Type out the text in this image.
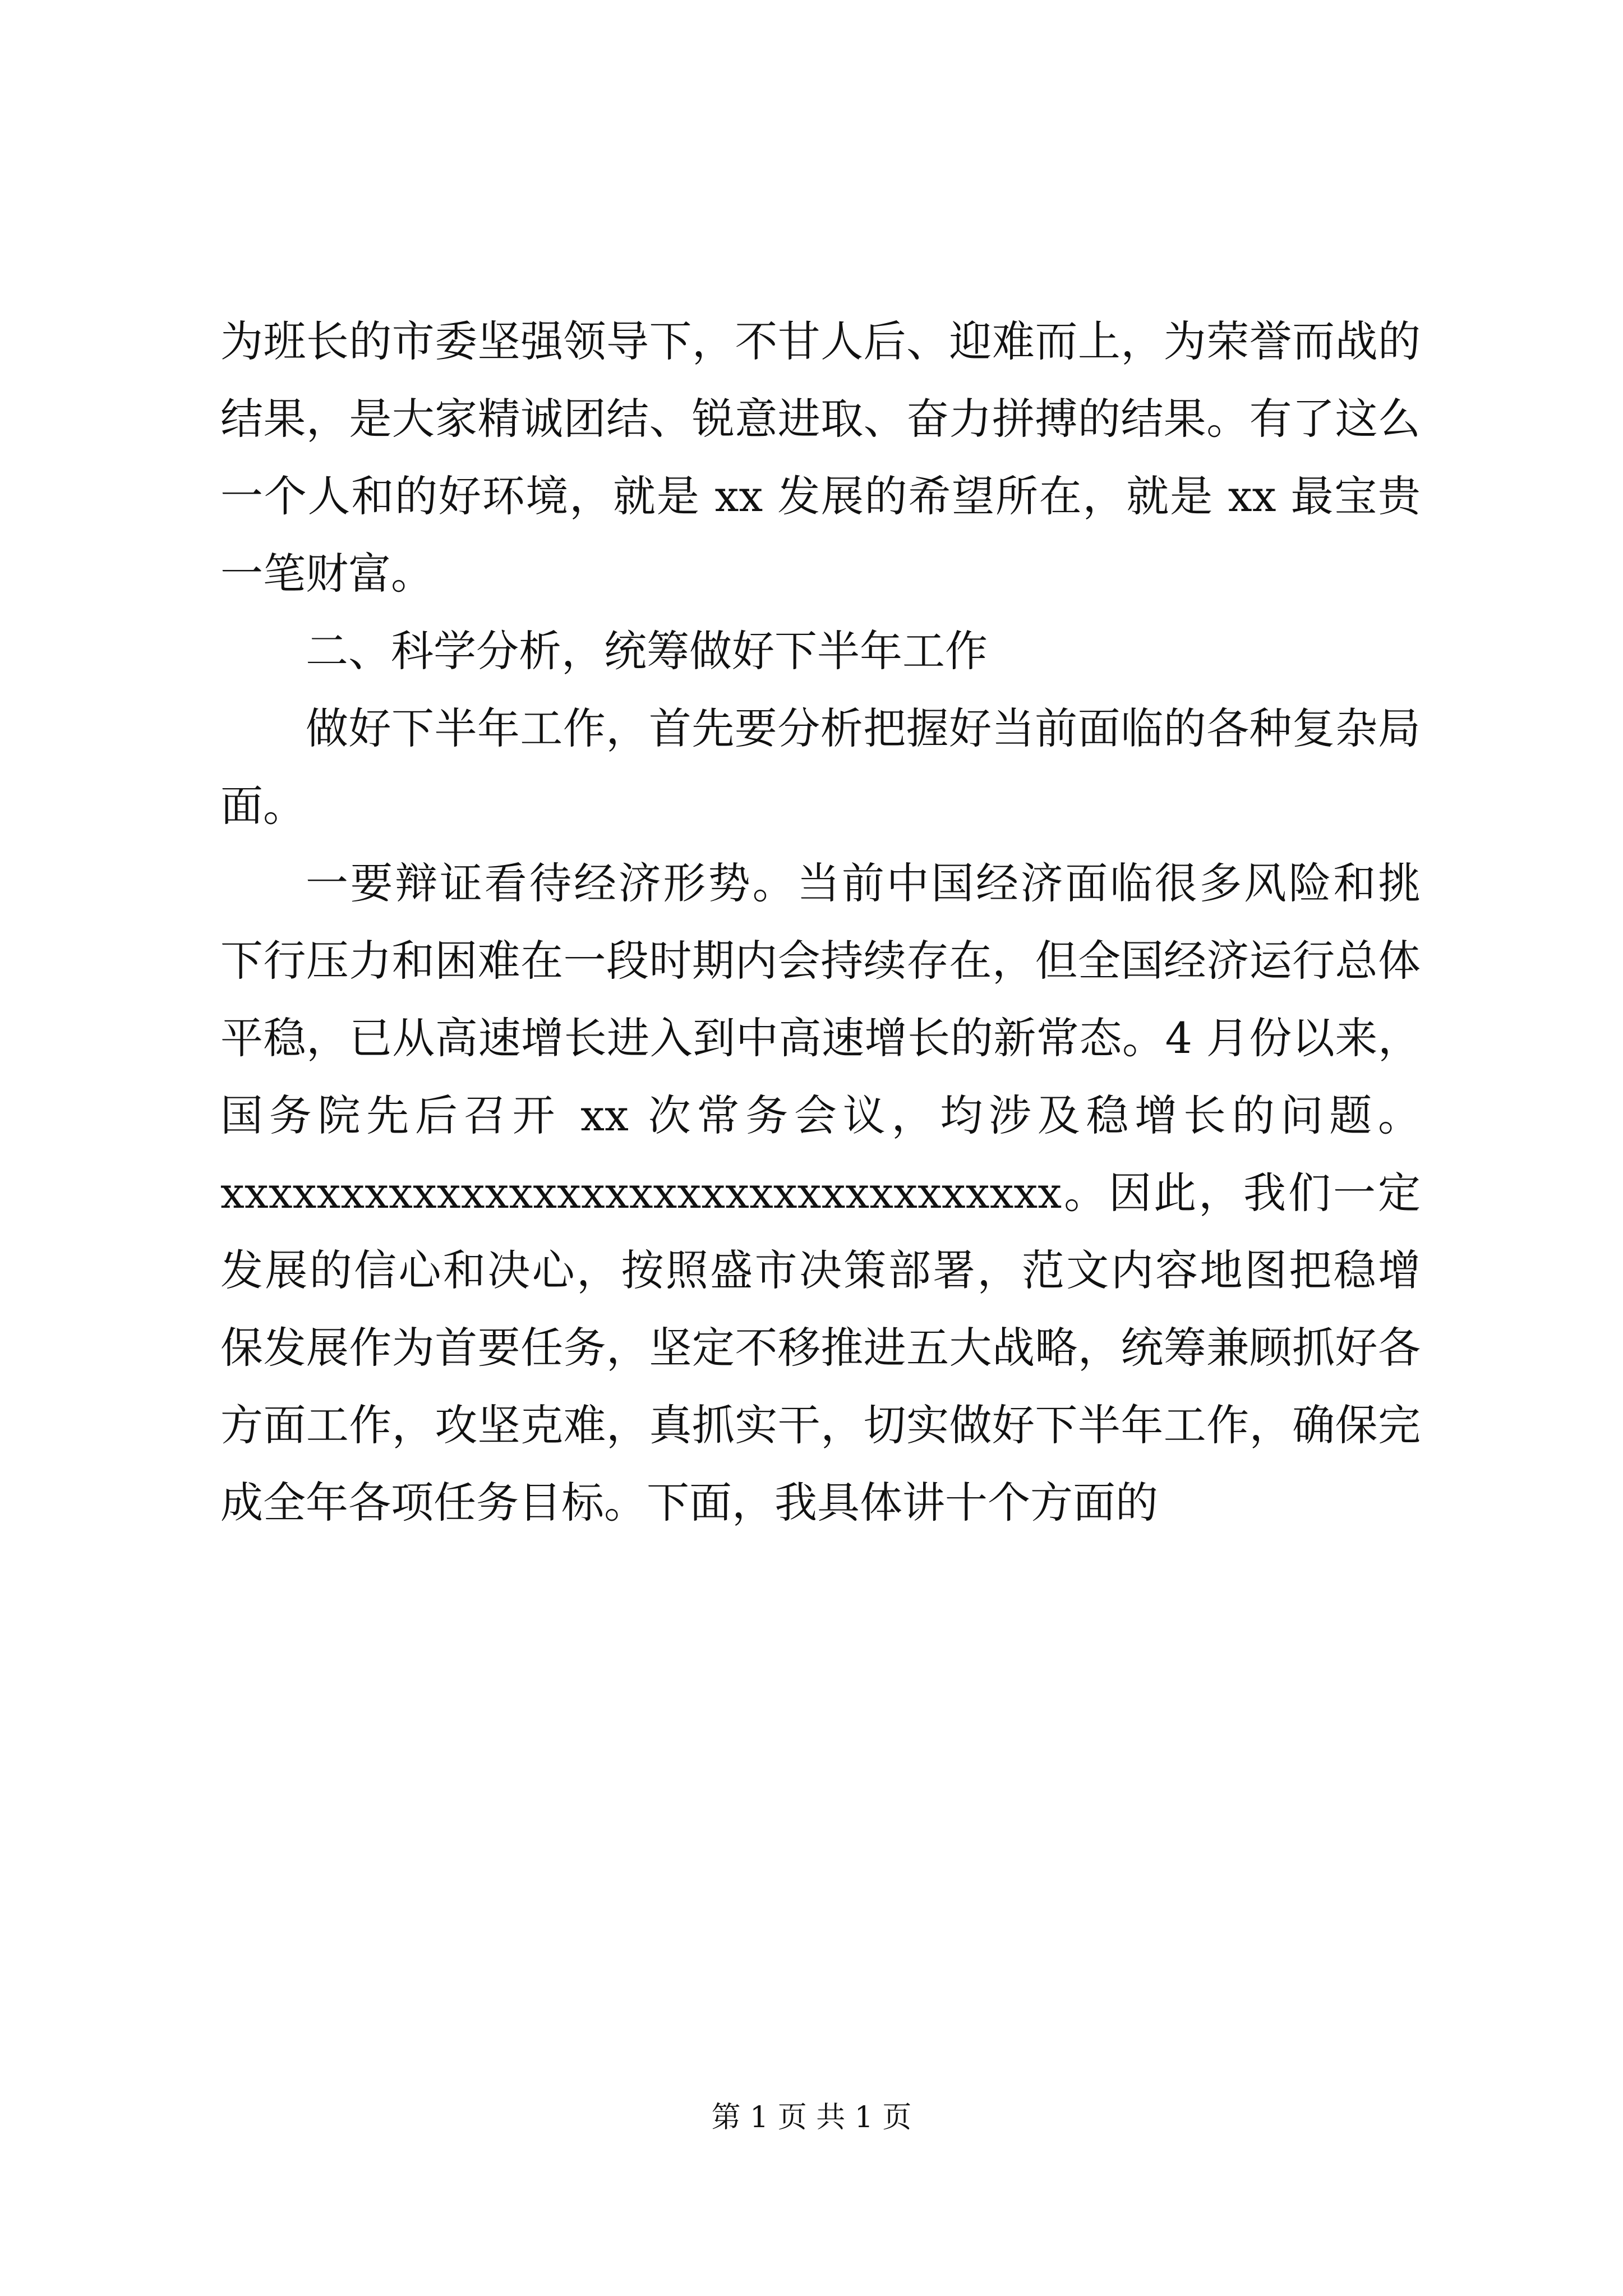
为班长的市委坚强领导下，不甘人后、迎难而上，为荣誉而战的
结果，是大家精诚团结、锐意进取、奋力拼搏的结果。有了这么
一个人和的好环境，就是 xx 发展的希望所在，就是 xx 最宝贵
一笔财富。
二、科学分析，统筹做好下半年工作
做好下半年工作，首先要分析把握好当前面临的各种复杂局
面。
一要辩证看待经济形势。当前中国经济面临很多风险和挑
下行压力和困难在一段时期内会持续存在，但全国经济运行总体
平稳，已从高速增长进入到中高速增长的新常态。4 月份以来，
国务院先后召开 xx 次常务会议，均涉及稳增长的问题。
xxxxxxxxxxxxxxxxxxxxxxxxxxxxxxxxxxx。因此，我们一定
发展的信心和决心，按照盛市决策部署，范文内容地图把稳增
保发展作为首要任务，坚定不移推进五大战略，统筹兼顾抓好各
方面工作，攻坚克难，真抓实干，切实做好下半年工作，确保完
成全年各项任务目标。下面，我具体讲十个方面的
第 1 页 共 1 页
